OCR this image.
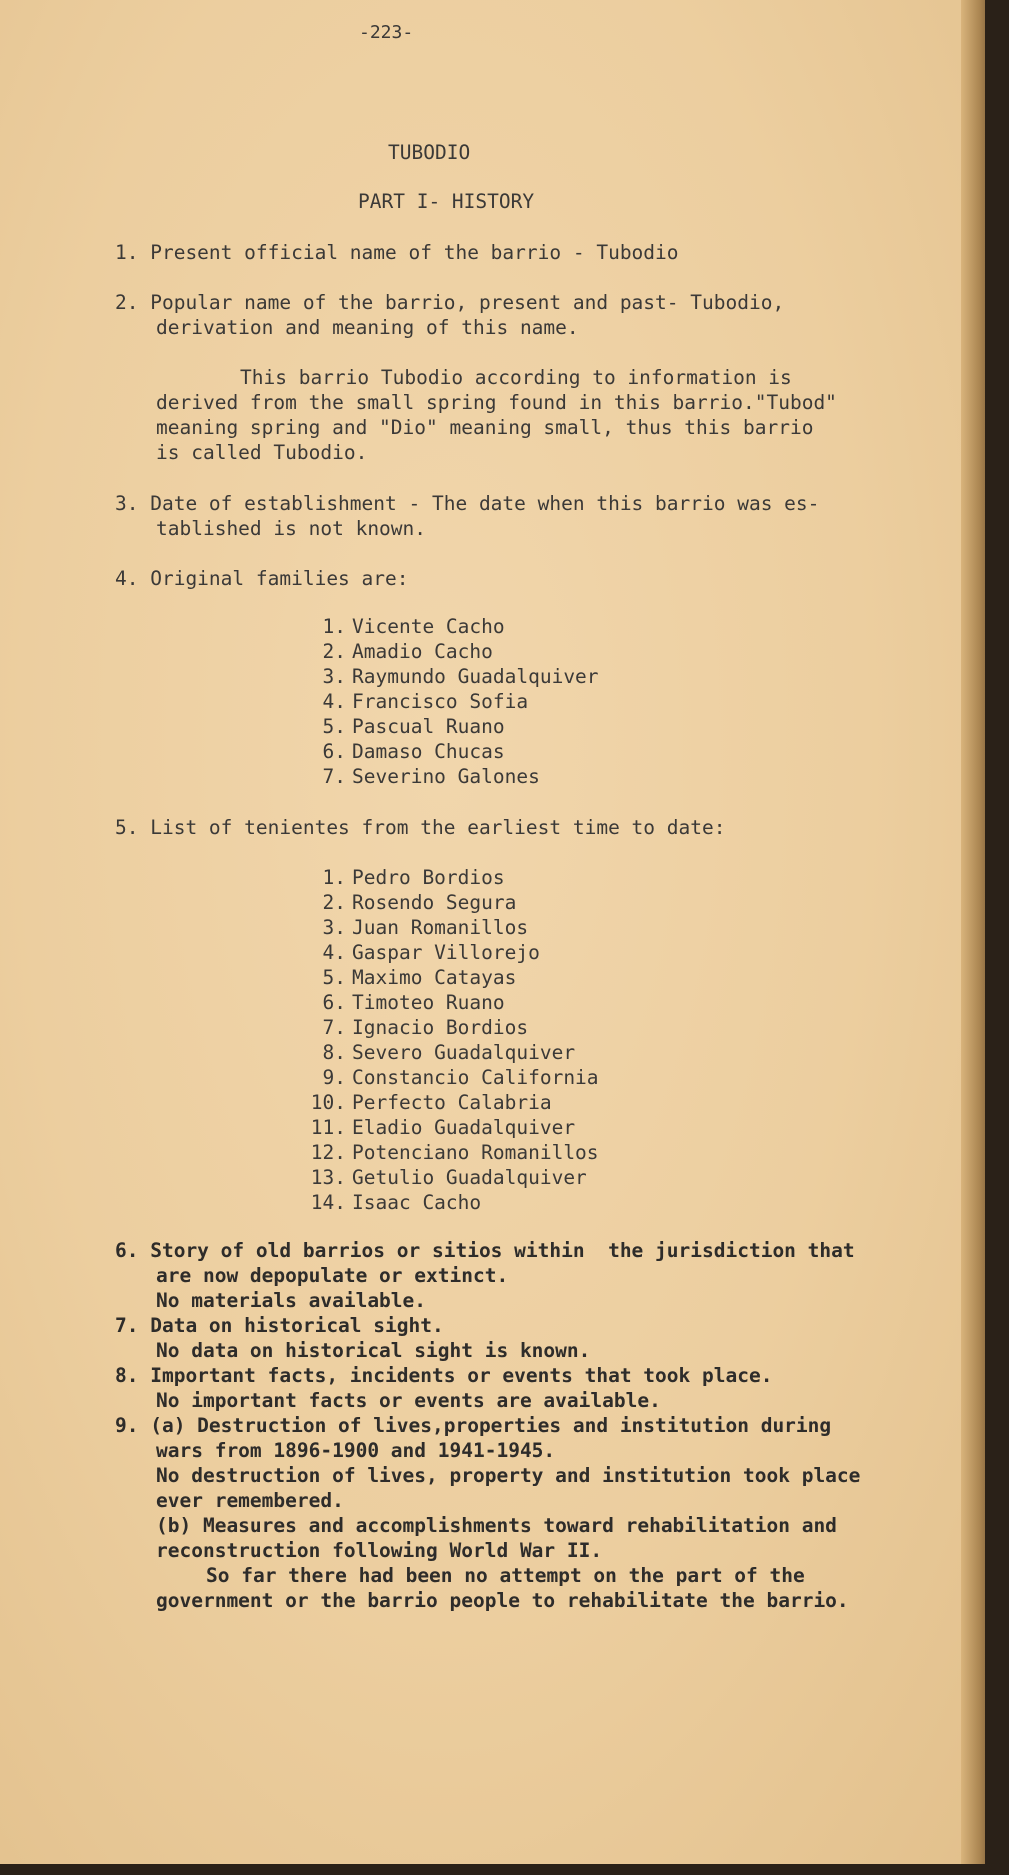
-223-
TUBODIO
PART I- HISTORY
1. Present official name of the barrio - Tubodio
2. Popular name of the barrio, present and past- Tubodio,
derivation and meaning of this name.
This barrio Tubodio according to information is
derived from the small spring found in this barrio."Tubod"
meaning spring and "Dio" meaning small, thus this barrio
is called Tubodio.
3. Date of establishment - The date when this barrio was es-
tablished is not known.
4. Original families are:
1. Vicente Cacho
2. Amadio Cacho
3. Raymundo Guadalquiver
4. Francisco Sofia
5. Pascual Ruano
6. Damaso Chucas
7. Severino Galones
5. List of tenientes from the earliest time to date:
1. Pedro Bordios
2. Rosendo Segura
3. Juan Romanillos
4. Gaspar Villorejo
5. Maximo Catayas
6. Timoteo Ruano
7. Ignacio Bordios
8. Severo Guadalquiver
9. Constancio California
10. Perfecto Calabria
11. Eladio Guadalquiver
12. Potenciano Romanillos
13. Getulio Guadalquiver
14. Isaac Cacho
6. Story of old barrios or sitios within  the jurisdiction that
are now depopulate or extinct.
No materials available.
7. Data on historical sight.
No data on historical sight is known.
8. Important facts, incidents or events that took place.
No important facts or events are available.
9. (a) Destruction of lives,properties and institution during
wars from 1896-1900 and 1941-1945.
No destruction of lives, property and institution took place
ever remembered.
(b) Measures and accomplishments toward rehabilitation and
reconstruction following World War II.
So far there had been no attempt on the part of the
government or the barrio people to rehabilitate the barrio.
